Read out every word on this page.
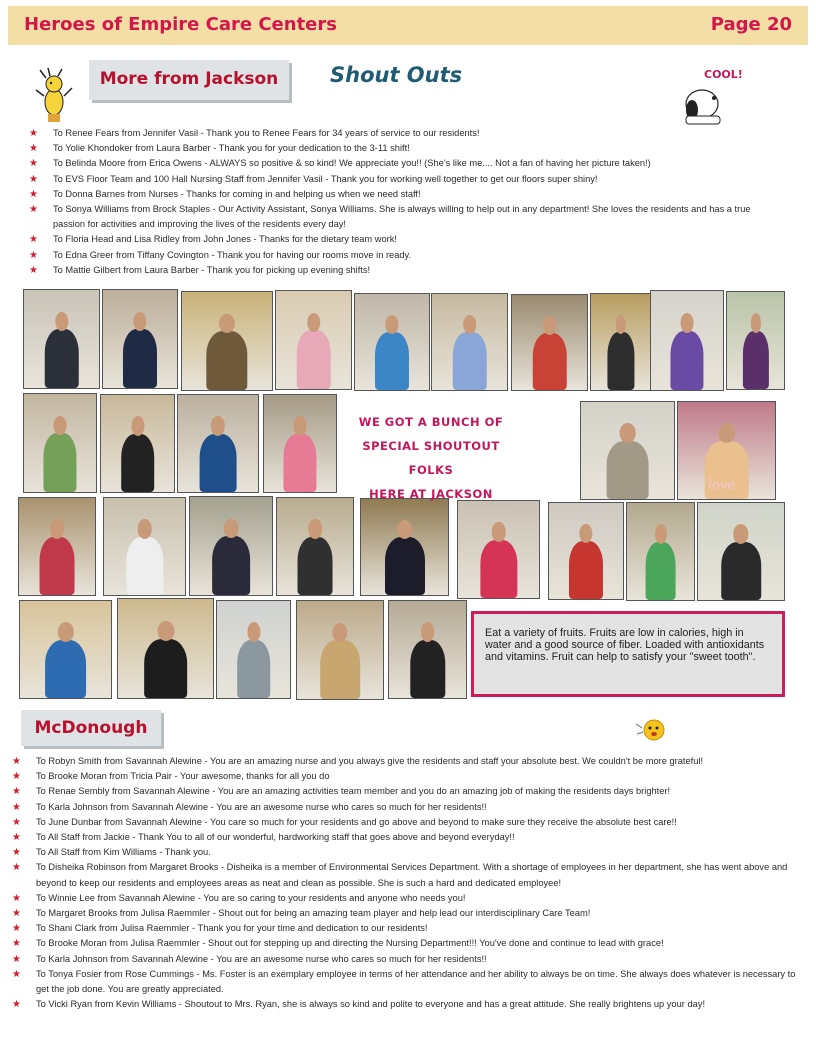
Heroes of Empire Care Centers	Page 20
More from Jackson	Shout Outs	COOL!
★ To Renee Fears from Jennifer Vasil - Thank you to Renee Fears for 34 years of service to our residents!
★ To Yolie Khondoker from Laura Barber - Thank you for your dedication to the 3-11 shift!
★ To Belinda Moore from Erica Owens - ALWAYS so positive & so kind! We appreciate you!! (She's like me.... Not a fan of having her picture taken!)
★ To EVS Floor Team and 100 Hall Nursing Staff from Jennifer Vasil - Thank you for working well together to get our floors super shiny!
★ To Donna Barnes from Nurses - Thanks for coming in and helping us when we need staff!
★ To Sonya Williams from Brock Staples - Our Activity Assistant, Sonya Williams. She is always willing to help out in any department! She loves the residents and has a true passion for activities and improving the lives of the residents every day!
★ To Floria Head and Lisa Ridley from John Jones - Thanks for the dietary team work!
★ To Edna Greer from Tiffany Covington - Thank you for having our rooms move in ready.
★ To Mattie Gilbert from Laura Barber - Thank you for picking up evening shifts!
WE GOT A BUNCH OF
SPECIAL SHOUTOUT FOLKS
HERE AT JACKSON
Eat a variety of fruits. Fruits are low in calories, high in water and a good source of fiber. Loaded with antioxidants and vitamins. Fruit can help to satisfy your "sweet tooth".
McDonough
★ To Robyn Smith from Savannah Alewine - You are an amazing nurse and you always give the residents and staff your absolute best. We couldn't be more grateful!
★ To Brooke Moran from Tricia Pair - Your awesome, thanks for all you do
★ To Renae Sembly from Savannah Alewine - You are an amazing activities team member and you do an amazing job of making the residents days brighter!
★ To Karla Johnson from Savannah Alewine - You are an awesome nurse who cares so much for her residents!!
★ To June Dunbar from Savannah Alewine - You care so much for your residents and go above and beyond to make sure they receive the absolute best care!!
★ To All Staff from Jackie - Thank You to all of our wonderful, hardworking staff that goes above and beyond everyday!!
★ To All Staff from Kim Williams - Thank you.
★ To Disheika Robinson from Margaret Brooks - Disheika is a member of Environmental Services Department. With a shortage of employees in her department, she has went above and beyond to keep our residents and employees areas as neat and clean as possible. She is such a hard and dedicated employee!
★ To Winnie Lee from Savannah Alewine - You are so caring to your residents and anyone who needs you!
★ To Margaret Brooks from Julisa Raemmler - Shout out for being an amazing team player and help lead our interdisciplinary Care Team!
★ To Shani Clark from Julisa Raemmler - Thank you for your time and dedication to our residents!
★ To Brooke Moran from Julisa Raemmler - Shout out for stepping up and directing the Nursing Department!!! You've done and continue to lead with grace!
★ To Karla Johnson from Savannah Alewine - You are an awesome nurse who cares so much for her residents!!
★ To Tonya Fosier from Rose Cummings - Ms. Foster is an exemplary employee in terms of her attendance and her ability to always be on time. She always does whatever is necessary to get the job done. You are greatly appreciated.
★ To Vicki Ryan from Kevin Williams - Shoutout to Mrs. Ryan, she is always so kind and polite to everyone and has a great attitude. She really brightens up your day!
love
